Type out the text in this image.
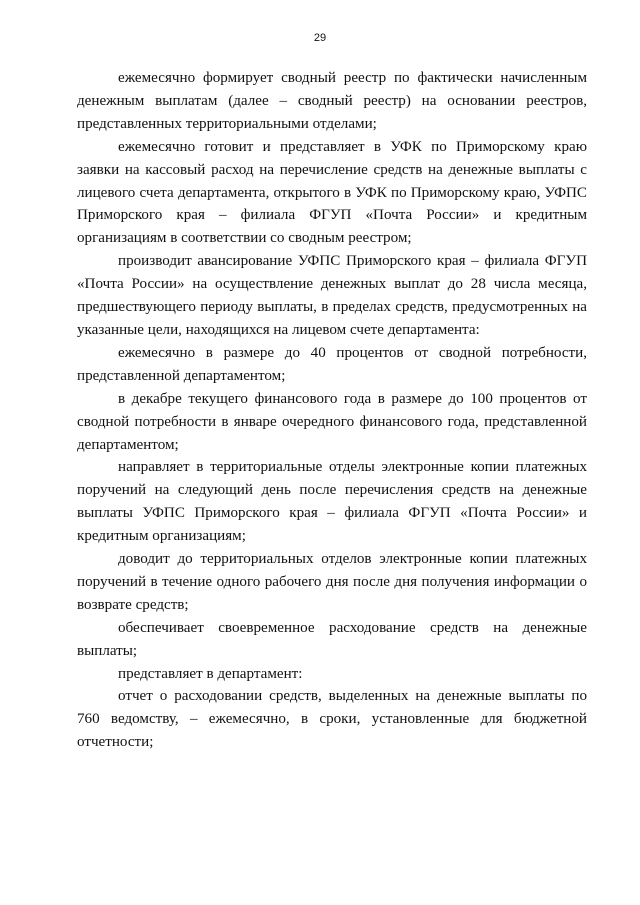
29

ежемесячно формирует сводный реестр по фактически начисленным денежным выплатам (далее – сводный реестр) на основании реестров, представленных территориальными отделами;

ежемесячно готовит и представляет в УФК по Приморскому краю заявки на кассовый расход на перечисление средств на денежные выплаты с лицевого счета департамента, открытого в УФК по Приморскому краю, УФПС Приморского края – филиала ФГУП «Почта России» и кредитным организациям в соответствии со сводным реестром;

производит авансирование УФПС Приморского края – филиала ФГУП «Почта России» на осуществление денежных выплат до 28 числа месяца, предшествующего периоду выплаты, в пределах средств, предусмотренных на указанные цели, находящихся на лицевом счете департамента:

ежемесячно в размере до 40 процентов от сводной потребности, представленной департаментом;

в декабре текущего финансового года в размере до 100 процентов от сводной потребности в январе очередного финансового года, представленной департаментом;

направляет в территориальные отделы электронные копии платежных поручений на следующий день после перечисления средств на денежные выплаты УФПС Приморского края – филиала ФГУП «Почта России» и кредитным организациям;

доводит до территориальных отделов электронные копии платежных поручений в течение одного рабочего дня после дня получения информации о возврате средств;

обеспечивает своевременное расходование средств на денежные выплаты;

представляет в департамент:

отчет о расходовании средств, выделенных на денежные выплаты по 760 ведомству, – ежемесячно, в сроки, установленные для бюджетной отчетности;
